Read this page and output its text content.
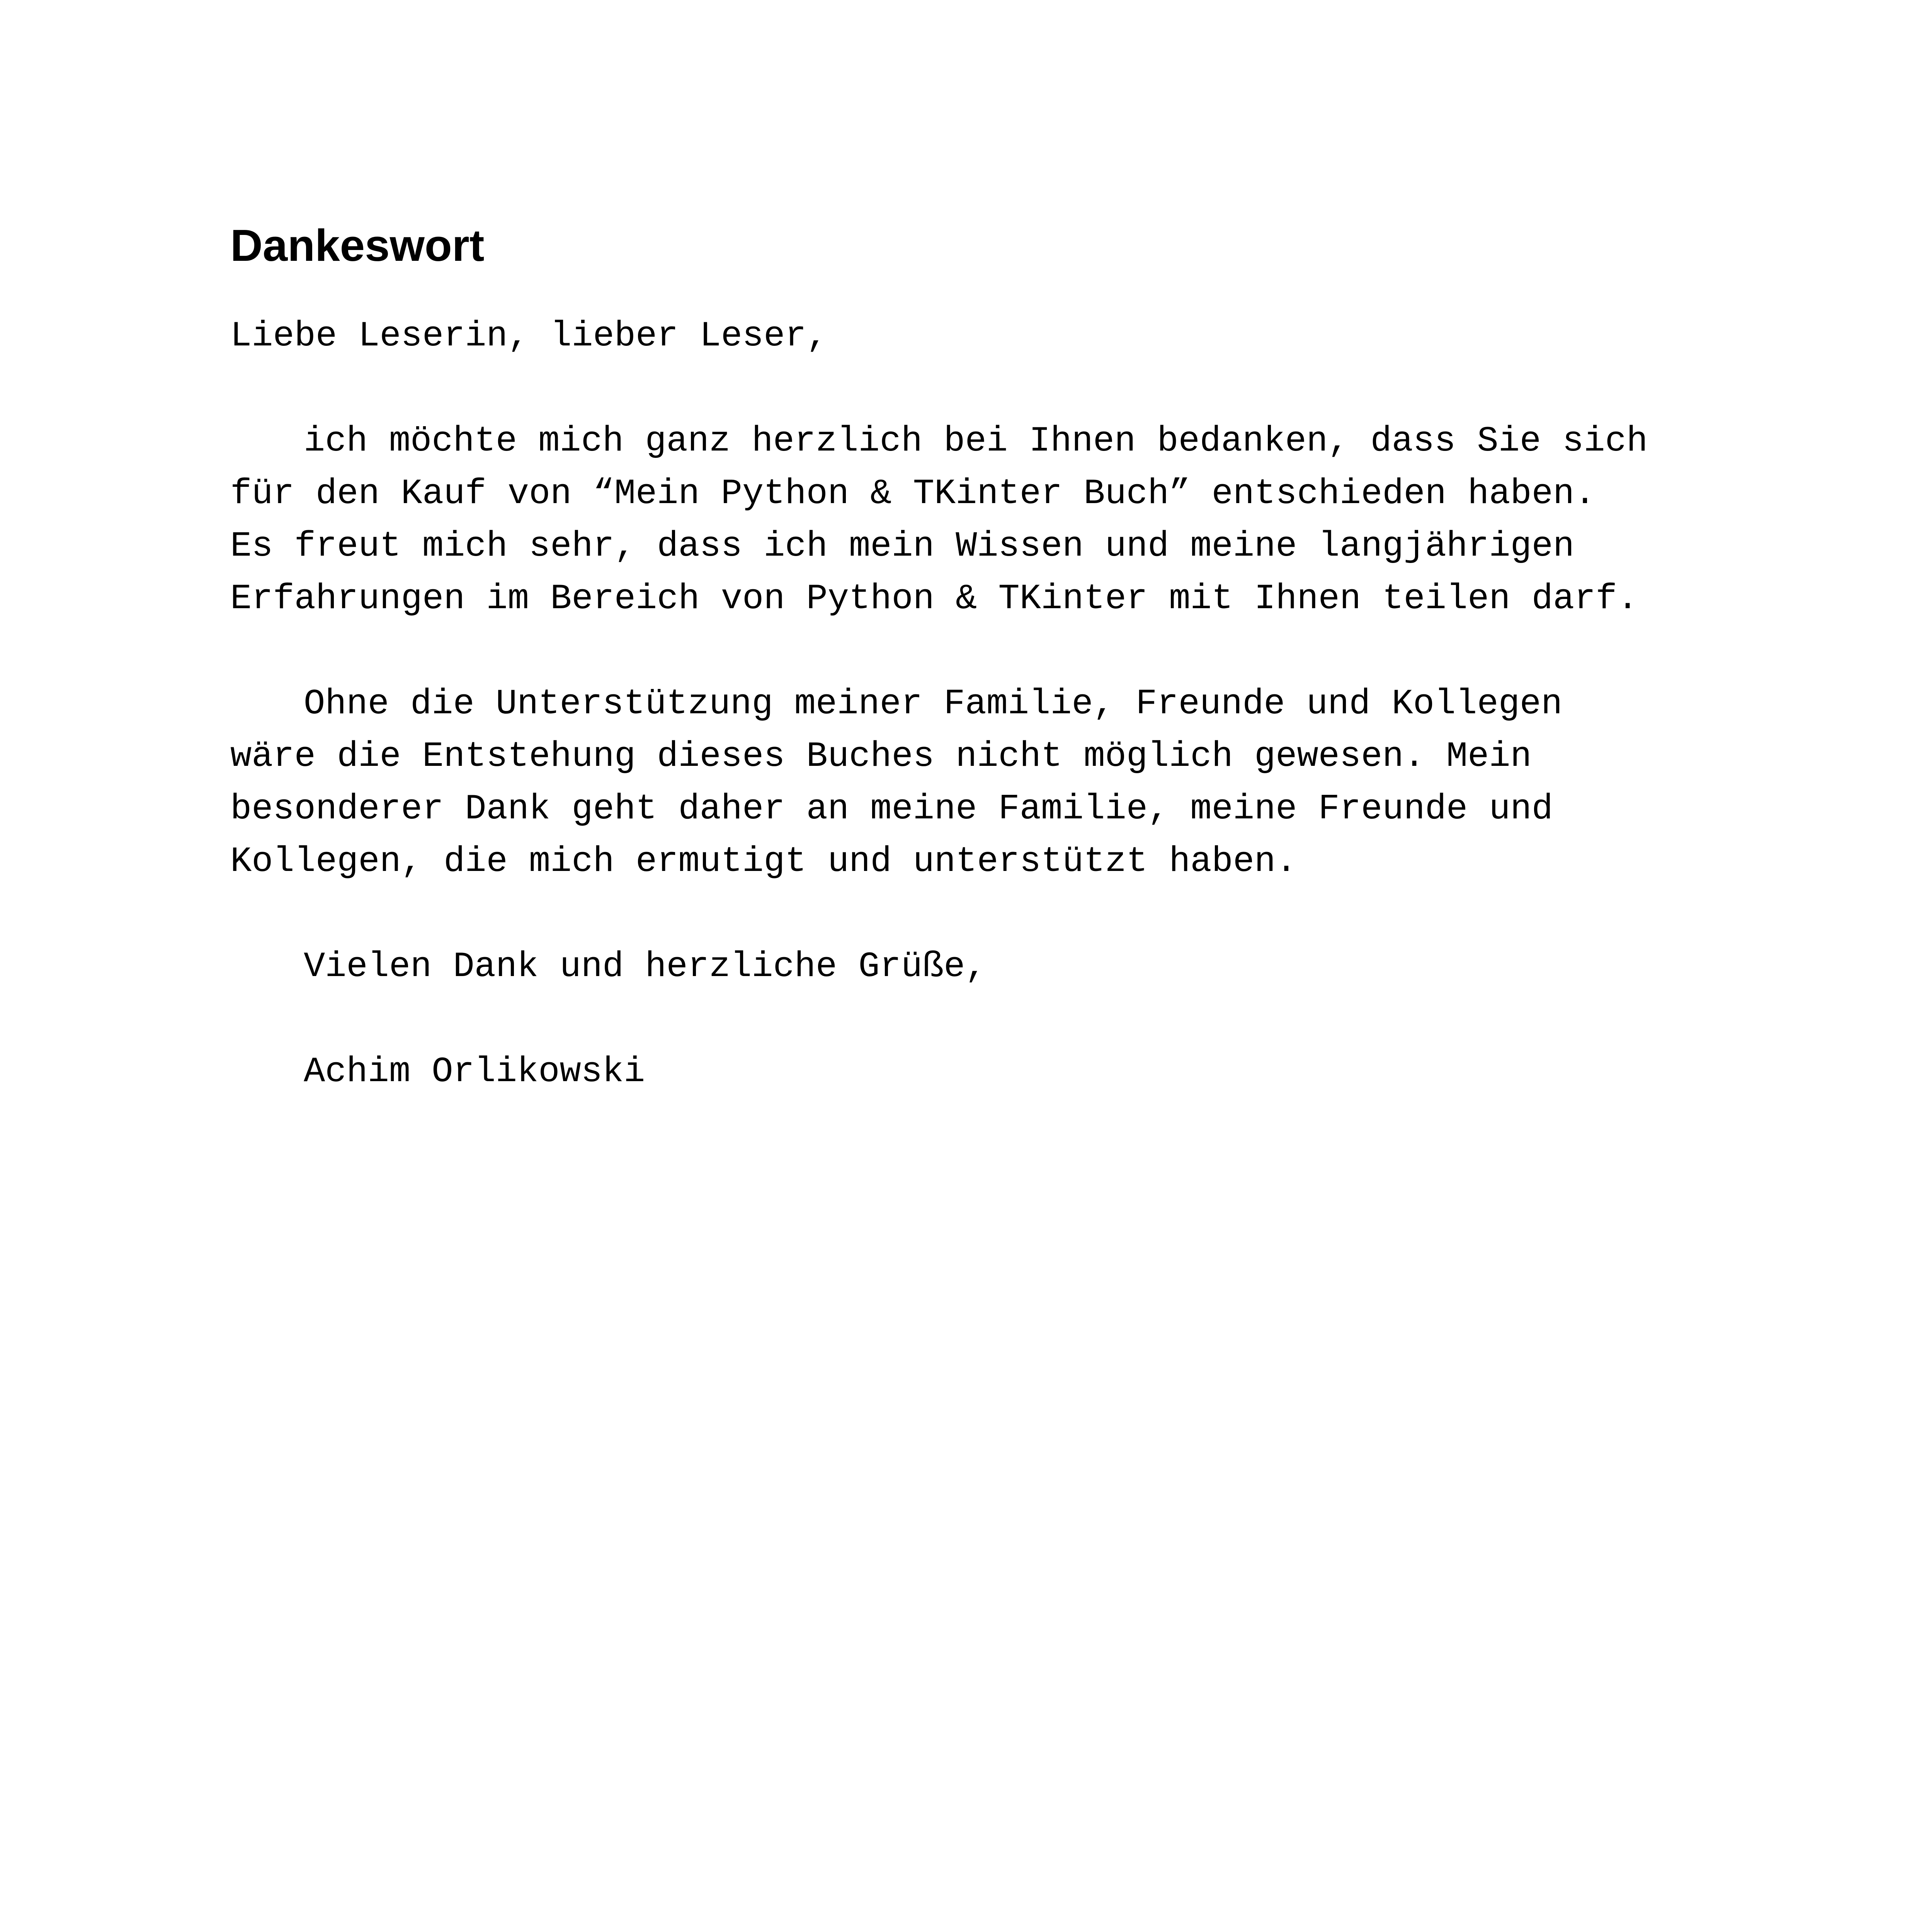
Dankeswort
Liebe Leserin, lieber Leser,
ich möchte mich ganz herzlich bei Ihnen bedanken, dass Sie sich
für den Kauf von “Mein Python & TKinter Buch” entschieden haben.
Es freut mich sehr, dass ich mein Wissen und meine langjährigen
Erfahrungen im Bereich von Python & TKinter mit Ihnen teilen darf.
Ohne die Unterstützung meiner Familie, Freunde und Kollegen
wäre die Entstehung dieses Buches nicht möglich gewesen. Mein
besonderer Dank geht daher an meine Familie, meine Freunde und
Kollegen, die mich ermutigt und unterstützt haben.
Vielen Dank und herzliche Grüße,
Achim Orlikowski
